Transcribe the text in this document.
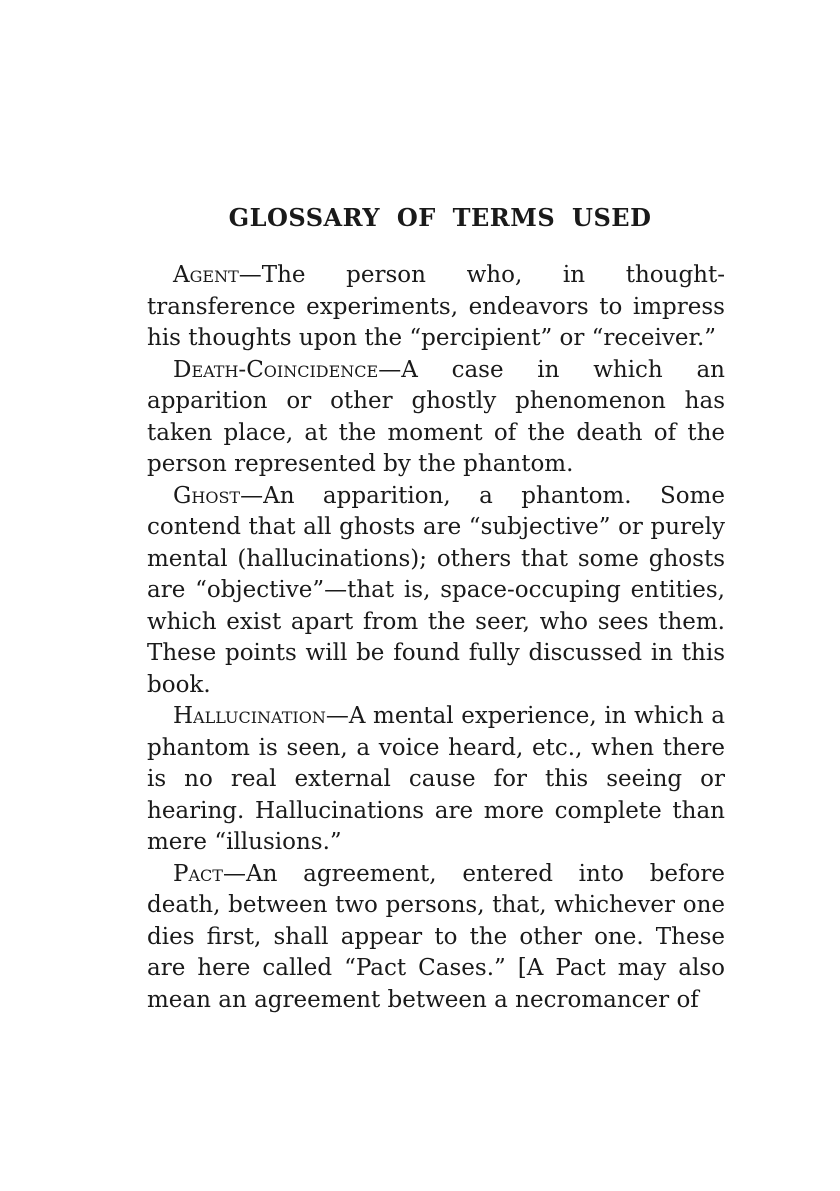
GLOSSARY OF TERMS USED

Agent—The person who, in thought-transference experiments, endeavors to impress his thoughts upon the “percipient” or “receiver.”

Death-Coincidence—A case in which an apparition or other ghostly phenomenon has taken place, at the moment of the death of the person represented by the phantom.

Ghost—An apparition, a phantom. Some contend that all ghosts are “subjective” or purely mental (hallucinations); others that some ghosts are “objective”—that is, space-occuping entities, which exist apart from the seer, who sees them. These points will be found fully discussed in this book.

Hallucination—A mental experience, in which a phantom is seen, a voice heard, etc., when there is no real external cause for this seeing or hearing. Hallucinations are more complete than mere “illusions.”

Pact—An agreement, entered into before death, between two persons, that, whichever one dies first, shall appear to the other one. These are here called “Pact Cases.” [A Pact may also mean an agreement between a necromancer of
